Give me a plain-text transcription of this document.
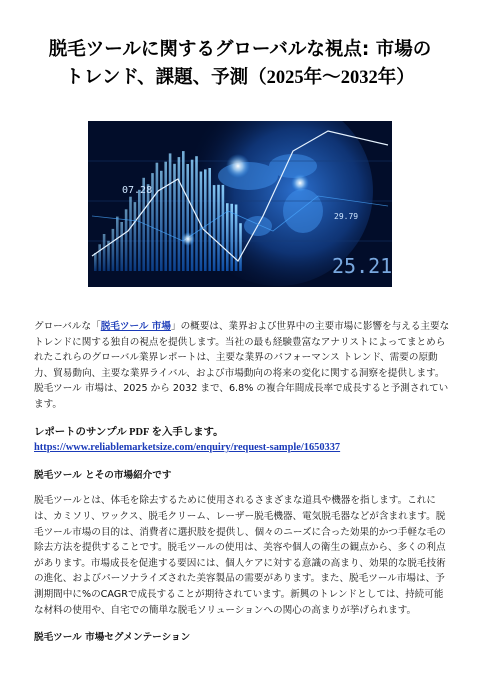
脱毛ツールに関するグローバルな視点: 市場の
トレンド、課題、予測（2025年～2032年）
07.28
29.79
25.21

グローバルな「脱毛ツール 市場」の概要は、業界および世界中の主要市場に影響を与える主要なトレンドに関する独自の視点を提供します。当社の最も経験豊富なアナリストによってまとめられたこれらのグローバル業界レポートは、主要な業界のパフォーマンス トレンド、需要の原動力、貿易動向、主要な業界ライバル、および市場動向の将来の変化に関する洞察を提供します。脱毛ツール 市場は、2025 から 2032 まで、6.8% の複合年間成長率で成長すると予測されています。

レポートのサンプル PDF を入手します。 https://www.reliablemarketsize.com/enquiry/request-sample/1650337

脱毛ツール とその市場紹介です

脱毛ツールとは、体毛を除去するために使用されるさまざまな道具や機器を指します。これには、カミソリ、ワックス、脱毛クリーム、レーザー脱毛機器、電気脱毛器などが含まれます。脱毛ツール市場の目的は、消費者に選択肢を提供し、個々のニーズに合った効果的かつ手軽な毛の除去方法を提供することです。脱毛ツールの使用は、美容や個人の衛生の観点から、多くの利点があります。市場成長を促進する要因には、個人ケアに対する意識の高まり、効果的な脱毛技術の進化、およびパーソナライズされた美容製品の需要があります。また、脱毛ツール市場は、予測期間中に%のCAGRで成長することが期待されています。新興のトレンドとしては、持続可能な材料の使用や、自宅での簡単な脱毛ソリューションへの関心の高まりが挙げられます。

脱毛ツール 市場セグメンテーション
